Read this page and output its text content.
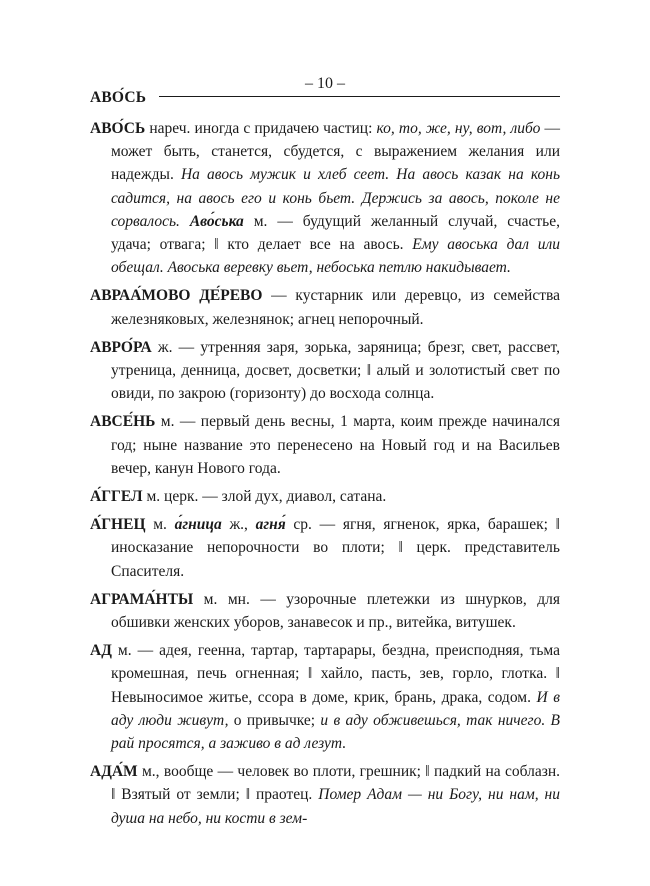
– 10 –
АВО́СЬ

АВО́СЬ нареч. иногда с придачею частиц: ко, то, же, ну, вот, либо — может быть, станется, сбудется, с выражением желания или надежды. На авось мужик и хлеб сеет. На авось казак на конь садится, на авось его и конь бьет. Держись за авось, поколе не сорвалось. Аво́ська м. — будущий желанный случай, счастье, удача; отвага; ‖ кто делает все на авось. Ему авоська дал или обещал. Авоська веревку вьет, небоська петлю накидывает.

АВРАА́МОВО ДЕ́РЕВО — кустарник или деревцо, из семейства железняковых, железнянок; агнец непорочный.

АВРО́РА ж. — утренняя заря, зорька, заряница; брезг, свет, рассвет, утреница, денница, досвет, досветки; ‖ алый и золотистый свет по овиди, по закрою (горизонту) до восхода солнца.

АВСЕ́НЬ м. — первый день весны, 1 марта, коим прежде начинался год; ныне название это перенесено на Новый год и на Васильев вечер, канун Нового года.

А́ГГЕЛ м. церк. — злой дух, диавол, сатана.

А́ГНЕЦ м. а́гница ж., агня́ ср. — ягня, ягненок, ярка, барашек; ‖ иносказание непорочности во плоти; ‖ церк. представитель Спасителя.

АГРАМА́НТЫ м. мн. — узорочные плетежки из шнурков, для обшивки женских уборов, занавесок и пр., витейка, витушек.

АД м. — адея, геенна, тартар, тартарары, бездна, преисподняя, тьма кромешная, печь огненная; ‖ хайло, пасть, зев, горло, глотка. ‖ Невыносимое житье, ссора в доме, крик, брань, драка, содом. И в аду люди живут, о привычке; и в аду обживешься, так ничего. В рай просятся, а заживо в ад лезут.

АДА́М м., вообще — человек во плоти, грешник; ‖ падкий на соблазн. ‖ Взятый от земли; ‖ праотец. Помер Адам — ни Богу, ни нам, ни душа на небо, ни кости в зем-
